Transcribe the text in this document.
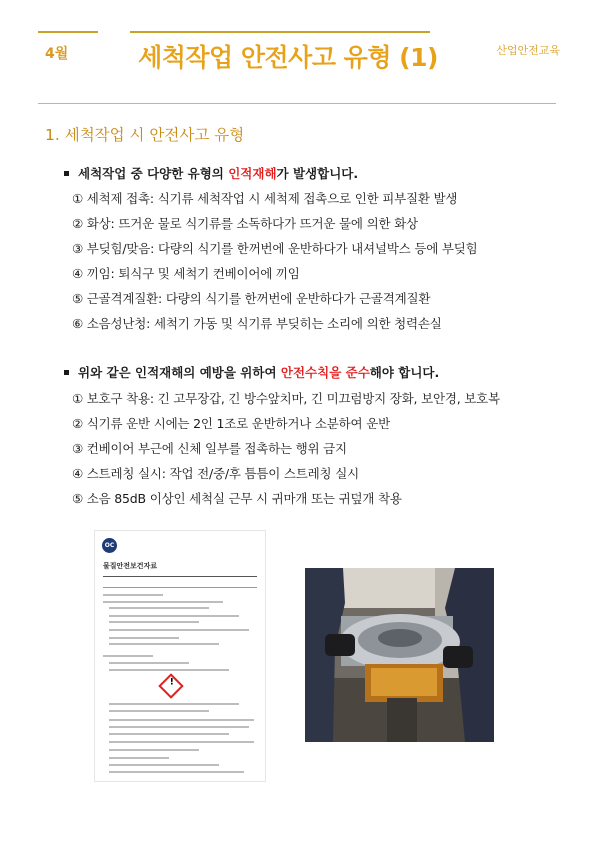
4월	세척작업 안전사고 유형 (1)	산업안전교육
1. 세척작업 시 안전사고 유형
세척작업 중 다양한 유형의 인적재해가 발생합니다.
① 세척제 접촉: 식기류 세척작업 시 세척제 접촉으로 인한 피부질환 발생
② 화상: 뜨거운 물로 식기류를 소독하다가 뜨거운 물에 의한 화상
③ 부딪힘/맞음: 다량의 식기를 한꺼번에 운반하다가 내셔널박스 등에 부딪힘
④ 끼임: 퇴식구 및 세척기 컨베이어에 끼임
⑤ 근골격계질환: 다량의 식기를 한꺼번에 운반하다가 근골격계질환
⑥ 소음성난청: 세척기 가동 및 식기류 부딪히는 소리에 의한 청력손실
위와 같은 인적재해의 예방을 위하여 안전수칙을 준수해야 합니다.
① 보호구 착용: 긴 고무장갑, 긴 방수앞치마, 긴 미끄럼방지 장화, 보안경, 보호복
② 식기류 운반 시에는 2인 1조로 운반하거나 소분하여 운반
③ 컨베이어 부근에 신체 일부를 접촉하는 행위 금지
④ 스트레칭 실시: 작업 전/중/후 틈틈이 스트레칭 실시
⑤ 소음 85dB 이상인 세척실 근무 시 귀마개 또는 귀덮개 착용
OC
물질안전보건자료
!
